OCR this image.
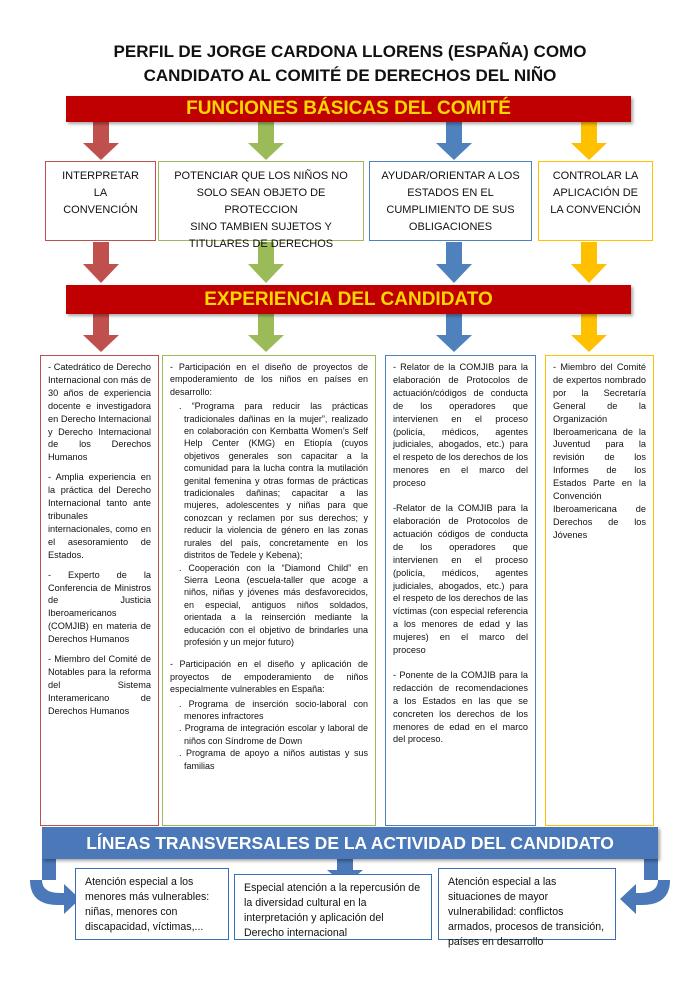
PERFIL DE JORGE CARDONA LLORENS (ESPAÑA) COMO
CANDIDATO AL COMITÉ DE DERECHOS DEL NIÑO
FUNCIONES BÁSICAS DEL COMITÉ
INTERPRETAR LA
CONVENCIÓN
POTENCIAR QUE LOS NIÑOS NO
SOLO SEAN OBJETO DE PROTECCION
SINO TAMBIEN SUJETOS Y
TITULARES DE DERECHOS
AYUDAR/ORIENTAR A LOS
ESTADOS EN EL
CUMPLIMIENTO DE SUS
OBLIGACIONES
CONTROLAR LA
APLICACIÓN DE
LA CONVENCIÓN
EXPERIENCIA DEL CANDIDATO

- Catedrático de Derecho Internacional con más de 30 años de experiencia docente e investigadora en Derecho Internacional y Derecho Internacional de los Derechos Humanos

- Amplia experiencia en la práctica del Derecho Internacional tanto ante tribunales internacionales, como en el asesoramiento de Estados.

- Experto de la Conferencia de Ministros de Justicia Iberoamericanos (COMJIB) en materia de Derechos Humanos

- Miembro del Comité de Notables para la reforma del Sistema Interamericano de Derechos Humanos

- Participación en el diseño de proyectos de empoderamiento de los niños en países en desarrollo:

. “Programa para reducir las prácticas tradicionales dañinas en la mujer”, realizado en colaboración con Kembatta Women’s Self Help Center (KMG) en Etiopía (cuyos objetivos generales son capacitar a la comunidad para la lucha contra la mutilación genital femenina y otras formas de prácticas tradicionales dañinas; capacitar a las mujeres, adolescentes y niñas para que conozcan y reclamen por sus derechos; y reducir la violencia de género en las zonas rurales del país, concretamente en los distritos de Tedele y Kebena);
. Cooperación con la “Diamond Child” en Sierra Leona (escuela-taller que acoge a niños, niñas y jóvenes más desfavorecidos, en especial, antiguos niños soldados, orientada a la reinserción mediante la educación con el objetivo de brindarles una profesión y un mejor futuro)

- Participación en el diseño y aplicación de proyectos de empoderamiento de niños especialmente vulnerables en España:

. Programa de inserción socio-laboral con menores infractores
. Programa de integración escolar y laboral de niños con Síndrome de Down
. Programa de apoyo a niños autistas y sus familias

- Relator de la COMJIB para la elaboración de Protocolos de actuación/códigos de conducta de los operadores que intervienen en el proceso (policía, médicos, agentes judiciales, abogados, etc.) para el respeto de los derechos de los menores en el marco del proceso

-Relator de la COMJIB para la elaboración de Protocolos de actuación códigos de conducta de los operadores que intervienen en el proceso (policía, médicos, agentes judiciales, abogados, etc.) para el respeto de los derechos de las víctimas (con especial referencia a los menores de edad y las mujeres) en el marco del proceso

- Ponente de la COMJIB para la redacción de recomendaciones a los Estados en las que se concreten los derechos de los menores de edad en el marco del proceso.

- Miembro del Comité de expertos nombrado por la Secretaría General de la Organización Iberoamericana de la Juventud para la revisión de los Informes de los Estados Parte en la Convención Iberoamericana de Derechos de los Jóvenes

LÍNEAS TRANSVERSALES DE LA ACTIVIDAD DEL CANDIDATO
Atención especial a los menores más vulnerables: niñas, menores con discapacidad, víctimas,...
Especial atención a la repercusión de la diversidad cultural en la interpretación y aplicación del Derecho internacional
Atención especial a las situaciones de mayor vulnerabilidad: conflictos armados, procesos de transición, países en desarrollo
